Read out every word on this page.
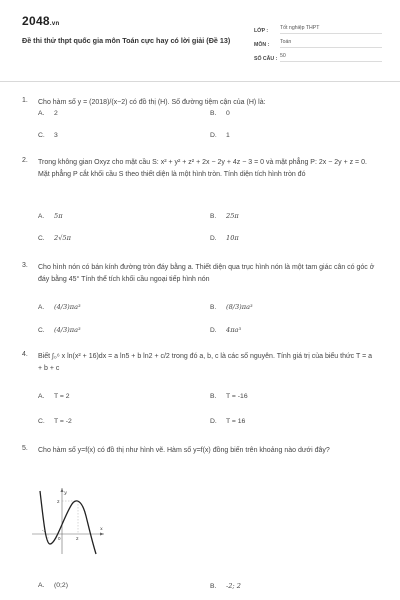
2048.vn
Đề thi thử thpt quốc gia môn Toán cực hay có lời giải (Đề 13)
LỚP :	Tốt nghiệp THPT
MÔN :	Toán
SỐ CÂU : 50
1. Cho hàm số y = (2018)/(x−2) có đồ thị (H). Số đường tiệm cận của (H) là:
A. 2	B. 0
C. 3	D. 1
2. Trong không gian Oxyz cho mặt cầu S: x² + y² + z² + 2x − 2y + 4z − 3 = 0 và mặt phẳng P: 2x − 2y + z = 0. Mặt phẳng P cắt khối cầu S theo thiết diện là một hình tròn. Tính diện tích hình tròn đó
A. 5π	B. 25π
C. 2√5π	D. 10π
3. Cho hình nón có bán kính đường tròn đáy bằng a. Thiết diện qua trục hình nón là một tam giác cân có góc ở đáy bằng 45° Tính thể tích khối cầu ngoại tiếp hình nón
A. (4/3)πa³	B. (8/3)πa³
C. (4/3)πa³	D. 4πa³
4. Biết ∫₀⁶ x ln(x² + 16)dx = a ln5 + b ln2 + c/2 trong đó a, b, c là các số nguyên. Tính giá trị của biểu thức T = a + b + c
A. T = 2	B. T = -16
C. T = -2	D. T = 16
5. Cho hàm số y=f(x) có đồ thị như hình vẽ. Hàm số y=f(x) đồng biến trên khoảng nào dưới đây?
y
x
2
-1
0	2
A. (0;2)	B. -2; 2
